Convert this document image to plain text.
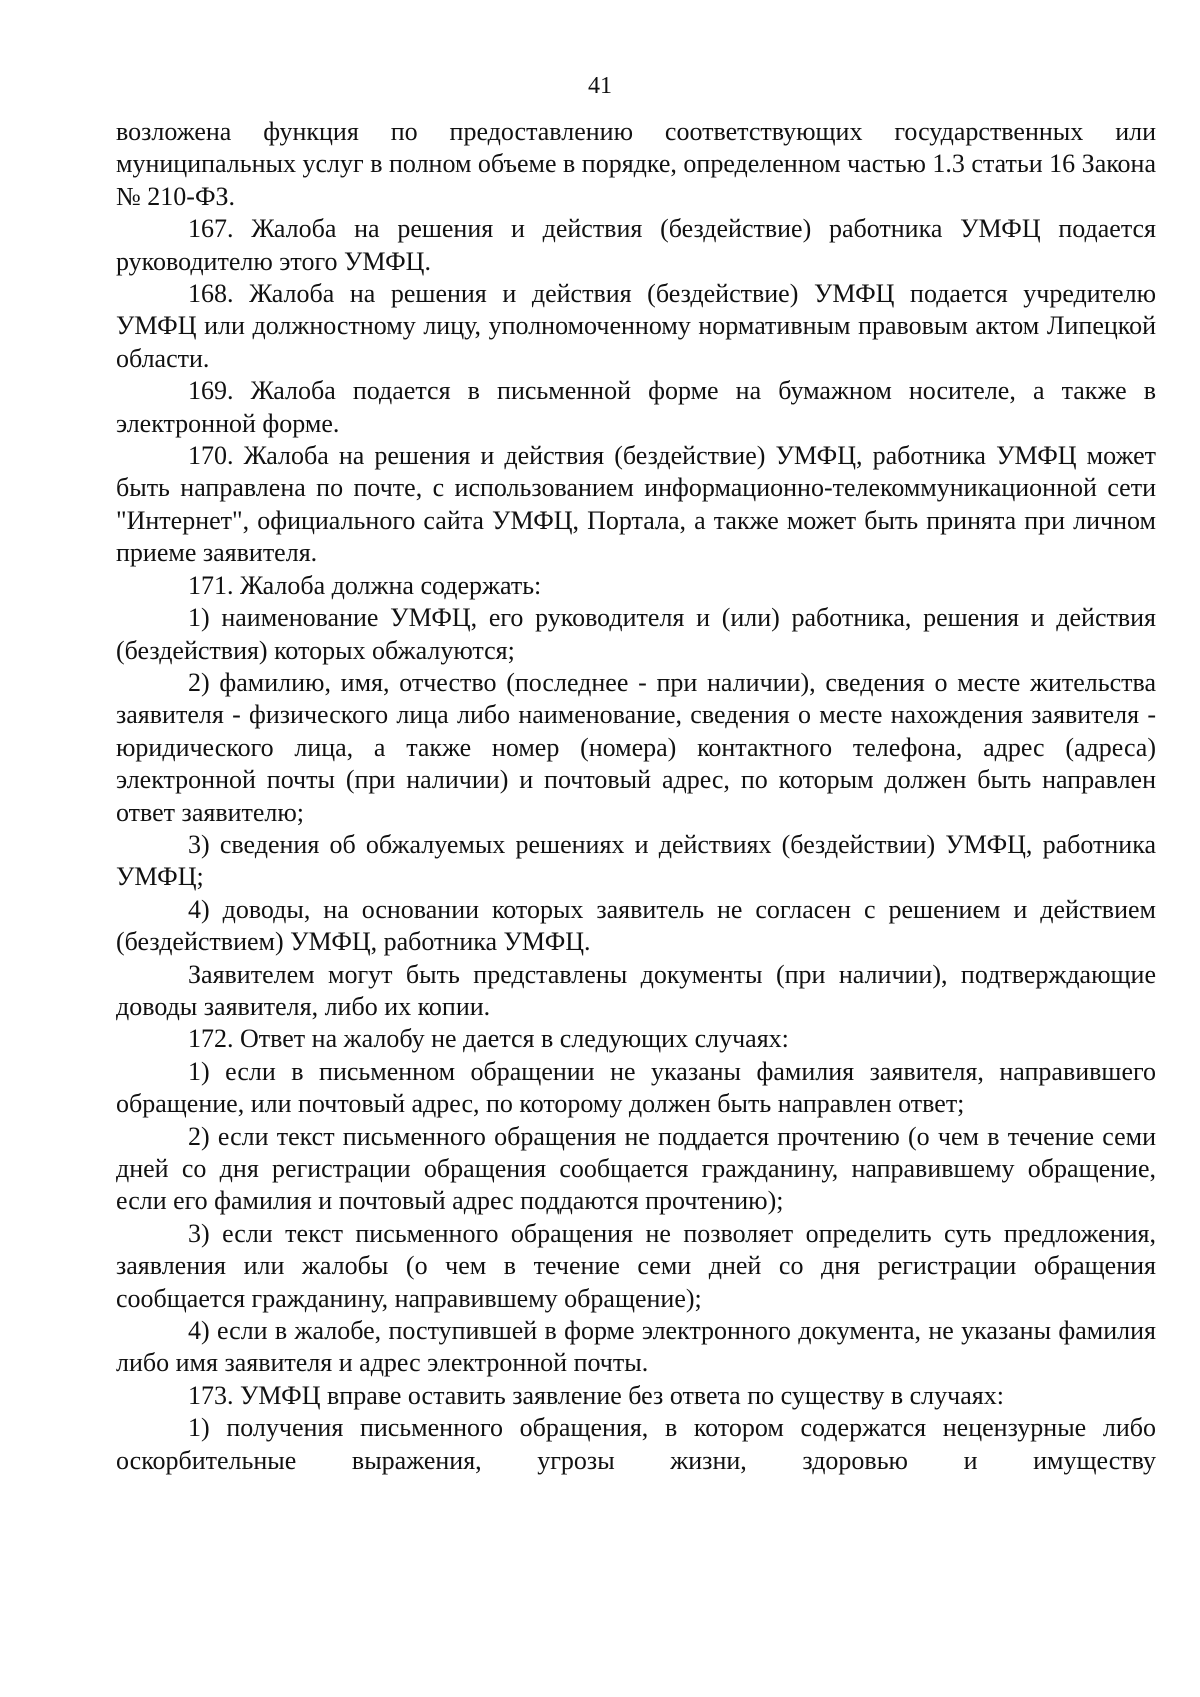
41

возложена функция по предоставлению соответствующих государственных или муниципальных услуг в полном объеме в порядке, определенном частью 1.3 статьи 16 Закона № 210-ФЗ.

167. Жалоба на решения и действия (бездействие) работника УМФЦ подается руководителю этого УМФЦ.

168. Жалоба на решения и действия (бездействие) УМФЦ подается учредителю УМФЦ или должностному лицу, уполномоченному нормативным правовым актом Липецкой области.

169. Жалоба подается в письменной форме на бумажном носителе, а также в электронной форме.

170. Жалоба на решения и действия (бездействие) УМФЦ, работника УМФЦ может быть направлена по почте, с использованием информационно-телекоммуникационной сети "Интернет", официального сайта УМФЦ, Портала, а также может быть принята при личном приеме заявителя.

171. Жалоба должна содержать:

1) наименование УМФЦ, его руководителя и (или) работника, решения и действия (бездействия) которых обжалуются;

2) фамилию, имя, отчество (последнее - при наличии), сведения о месте жительства заявителя - физического лица либо наименование, сведения о месте нахождения заявителя - юридического лица, а также номер (номера) контактного телефона, адрес (адреса) электронной почты (при наличии) и почтовый адрес, по которым должен быть направлен ответ заявителю;

3) сведения об обжалуемых решениях и действиях (бездействии) УМФЦ, работника УМФЦ;

4) доводы, на основании которых заявитель не согласен с решением и действием (бездействием) УМФЦ, работника УМФЦ.

Заявителем могут быть представлены документы (при наличии), подтверждающие доводы заявителя, либо их копии.

172. Ответ на жалобу не дается в следующих случаях:

1) если в письменном обращении не указаны фамилия заявителя, направившего обращение, или почтовый адрес, по которому должен быть направлен ответ;

2) если текст письменного обращения не поддается прочтению (о чем в течение семи дней со дня регистрации обращения сообщается гражданину, направившему обращение, если его фамилия и почтовый адрес поддаются прочтению);

3) если текст письменного обращения не позволяет определить суть предложения, заявления или жалобы (о чем в течение семи дней со дня регистрации обращения сообщается гражданину, направившему обращение);

4) если в жалобе, поступившей в форме электронного документа, не указаны фамилия либо имя заявителя и адрес электронной почты.

173. УМФЦ вправе оставить заявление без ответа по существу в случаях:

1) получения письменного обращения, в котором содержатся нецензурные либо оскорбительные выражения, угрозы жизни, здоровью и имуществу
